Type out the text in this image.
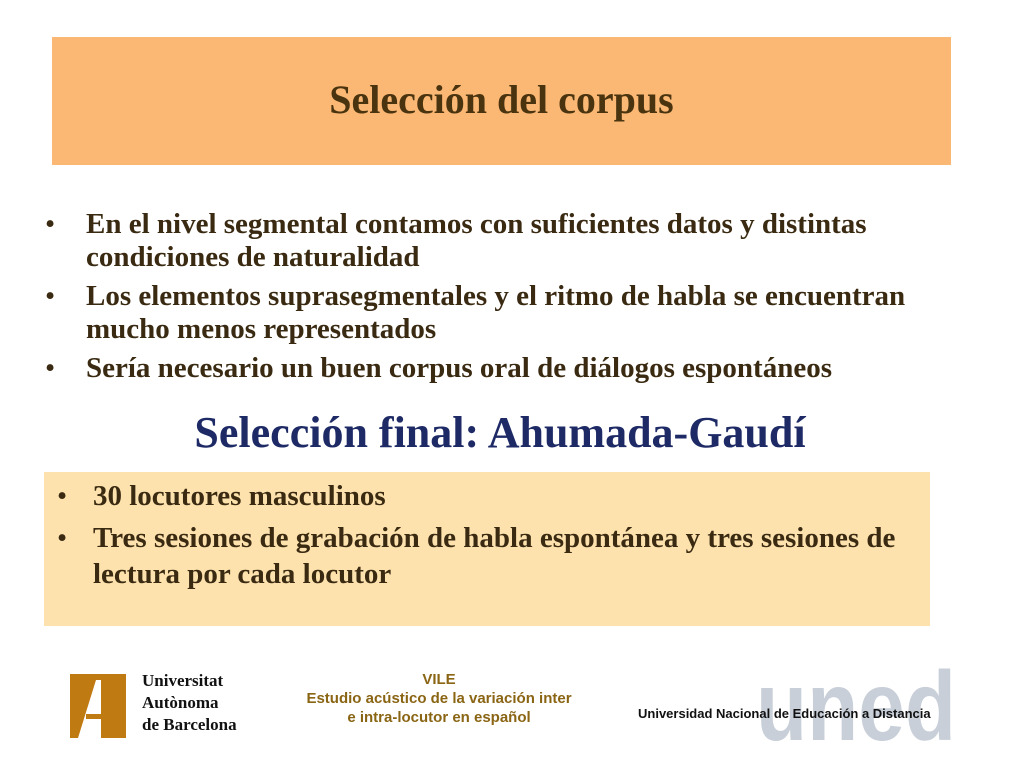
Selección del corpus
• En el nivel segmental contamos con suficientes datos y distintas condiciones de naturalidad
• Los elementos suprasegmentales y el ritmo de habla se encuentran mucho menos representados
• Sería necesario un buen corpus oral de diálogos espontáneos
Selección final: Ahumada-Gaudí
• 30 locutores masculinos
• Tres sesiones de grabación de habla espontánea y tres sesiones de lectura por cada locutor
Universitat
Autònoma
de Barcelona
VILE
Estudio acústico de la variación inter
e intra-locutor en español	uned
Universidad Nacional de Educación a Distancia
